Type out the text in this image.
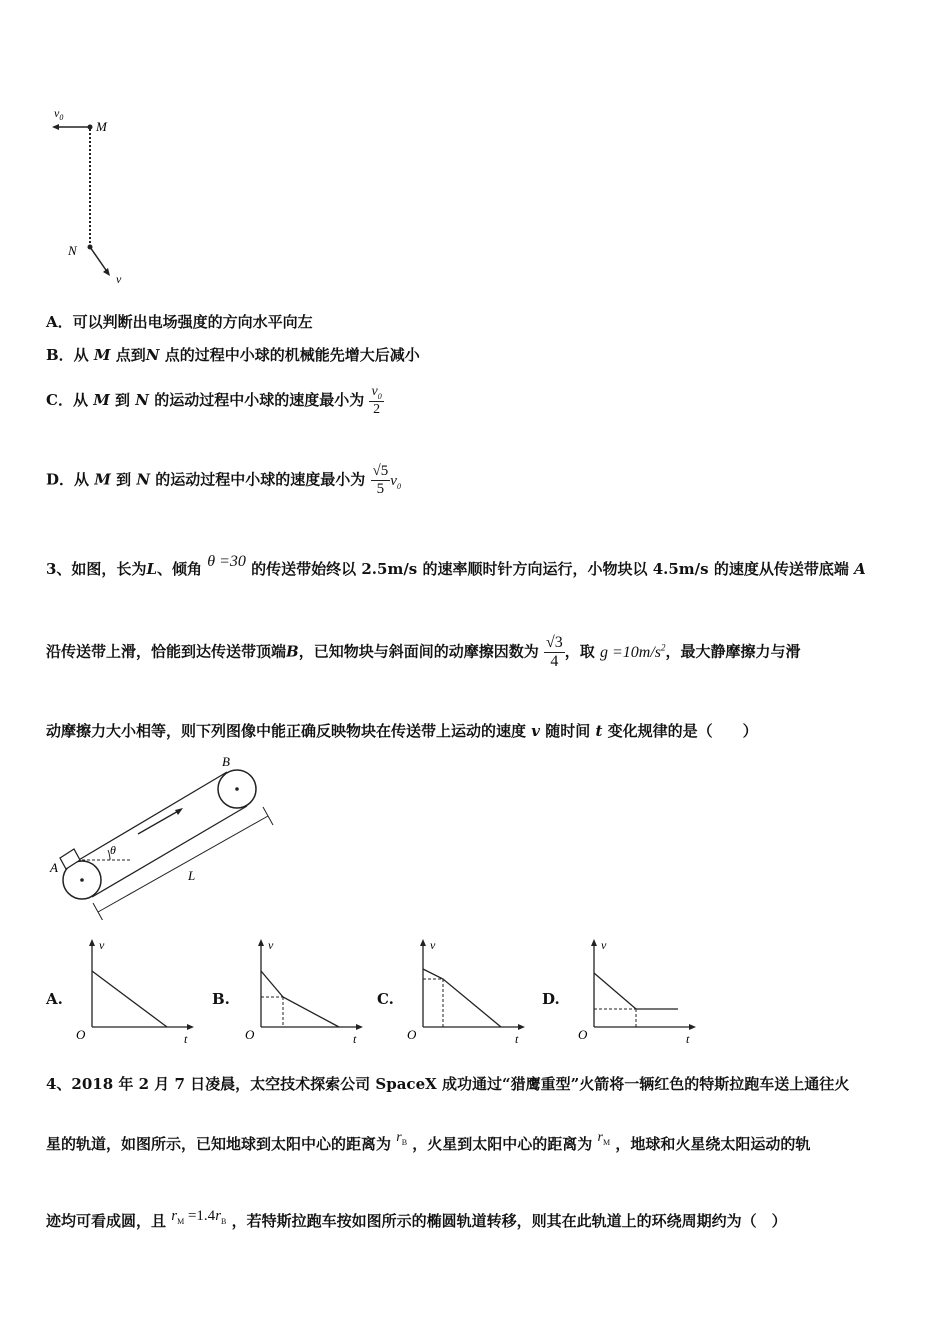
$v_0$
M
N
v
A．可以判断出电场强度的方向水平向左
B．从 M 点到N 点的过程中小球的机械能先增大后减小
C．从 M 到 N 的运动过程中小球的速度最小为 $\frac{v_0}{2}$
D．从 M 到 N 的运动过程中小球的速度最小为 $\frac{√5}{5} v_0$
3、如图，长为L、倾角 θ =30 的传送带始终以 2.5m/s 的速率顺时针方向运行，小物块以 4.5m/s 的速度从传送带底端 A
沿传送带上滑，恰能到达传送带顶端B，已知物块与斜面间的动摩擦因数为 $\frac{√3}{4}$ ，取 $g =10m/s^2$，最大静摩擦力与滑
动摩擦力大小相等，则下列图像中能正确反映物块在传送带上运动的速度 v 随时间 t 变化规律的是（　　）
B
A
θ
L
A.
v
O	t
B.
v
O	t
C.
v
O	t
D.
v
O	t
4、2018 年 2 月 7 日凌晨，太空技术探索公司 SpaceX 成功通过“猎鹰重型”火箭将一辆红色的特斯拉跑车送上通往火
星的轨道，如图所示，已知地球到太阳中心的距离为 $r_B$ ，火星到太阳中心的距离为 $r_M$ ，地球和火星绕太阳运动的轨
迹均可看成圆，且 $r_M =1.4r_B$ ，若特斯拉跑车按如图所示的椭圆轨道转移，则其在此轨道上的环绕周期约为（　）
